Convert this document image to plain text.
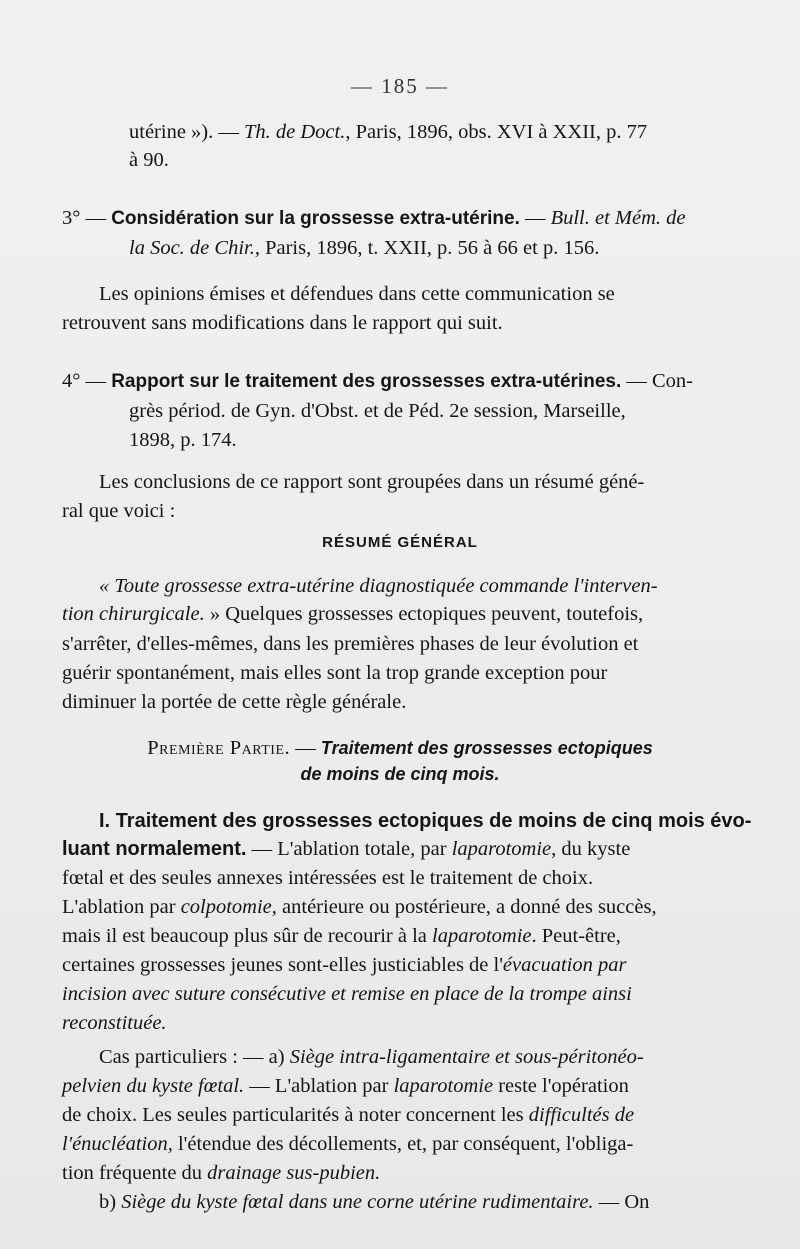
— 185 —
utérine »). — Th. de Doct., Paris, 1896, obs. XVI à XXII, p. 77
à 90.
3° — Considération sur la grossesse extra-utérine. — Bull. et Mém. de
la Soc. de Chir., Paris, 1896, t. XXII, p. 56 à 66 et p. 156.
Les opinions émises et défendues dans cette communication se
retrouvent sans modifications dans le rapport qui suit.
4° — Rapport sur le traitement des grossesses extra-utérines. — Con-
grès périod. de Gyn. d'Obst. et de Péd. 2e session, Marseille,
1898, p. 174.
Les conclusions de ce rapport sont groupées dans un résumé géné-
ral que voici :
RÉSUMÉ GÉNÉRAL
« Toute grossesse extra-utérine diagnostiquée commande l'interven-
tion chirurgicale. » Quelques grossesses ectopiques peuvent, toutefois,
s'arrêter, d'elles-mêmes, dans les premières phases de leur évolution et
guérir spontanément, mais elles sont la trop grande exception pour
diminuer la portée de cette règle générale.
Première Partie. — Traitement des grossesses ectopiques
de moins de cinq mois.
I. Traitement des grossesses ectopiques de moins de cinq mois évo-
luant normalement. — L'ablation totale, par laparotomie, du kyste
fœtal et des seules annexes intéressées est le traitement de choix.
L'ablation par colpotomie, antérieure ou postérieure, a donné des succès,
mais il est beaucoup plus sûr de recourir à la laparotomie. Peut-être,
certaines grossesses jeunes sont-elles justiciables de l'évacuation par
incision avec suture consécutive et remise en place de la trompe ainsi
reconstituée.
Cas particuliers : — a) Siège intra-ligamentaire et sous-péritonéo-
pelvien du kyste fœtal. — L'ablation par laparotomie reste l'opération
de choix. Les seules particularités à noter concernent les difficultés de
l'énucléation, l'étendue des décollements, et, par conséquent, l'obliga-
tion fréquente du drainage sus-pubien.
b) Siège du kyste fœtal dans une corne utérine rudimentaire. — On
